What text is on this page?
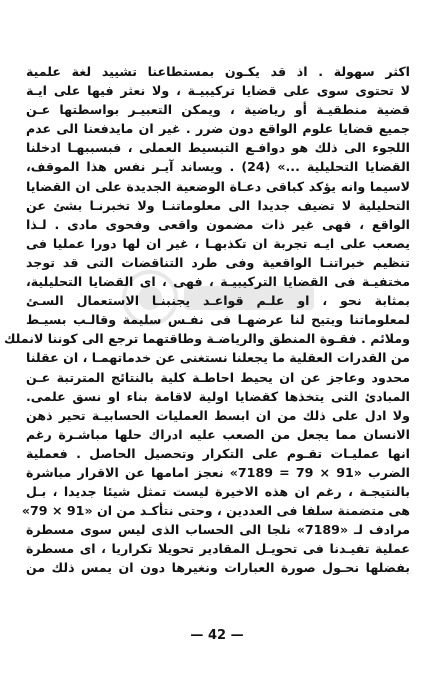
اكثر سهولة . اذ قد يكـون بمستطاعنا تشييد لغة علمية
لا تحتوى سوى على قضايا تركيبيـة ، ولا نعثر فيها على ايـة
قضية منطقيـة أو رياضية ، ويمكن التعبيـر بواسطتها عـن
جميع قضايا علوم الواقع دون ضرر . غير ان مايدفعنا الى عدم
اللجوء الى ذلك هو دوافـع التبسيط العملى ، فبسببهـا ادخلنا
القضايا التحليلية ...» (24) . ويساند آيـر نفس هذا الموقف،
لاسيما وانه يؤكد كباقى دعـاة الوضعية الجديدة على ان القضايا
التحليلية لا تضيف جديدا الى معلوماتنـا ولا تخبرنـا بشئ عن
الواقع ، فهى غير ذات مضمون واقعى وفحوى مادى . لـذا
يصعب على ايـه تجربة ان تكذبهـا ، غير ان لها دورا عمليا فى
تنظيم خبراتنـا الواقعية وفى طرد التناقضات التى قد توجد
مختفيـة فى القضايا التركيبيـة ، فهى ، اى القضايا التحليلية،
بمثابة نحو ، او علـم قواعـد يجنبنـا الاستعمال السـئ
لمعلوماتنا ويتيح لنا عرضهـا فى نفـس سليمة وقالـب بسيـط
وملائم . فقـوة المنطق والرياضـة وطاقتهما ترجع الى كوننا لانملك
من القدرات العقلية ما يجعلنا نستغنى عن خدماتهمـا ، ان عقلنا
محدود وعاجز عن ان يحيط احاطـة كلية بالنتائج المترتبة عـن
المبادئ التى يتخذها كقضايا اولية لاقامة بناء او نسق علمى.
ولا ادل على ذلك من ان ابسط العمليات الحسابيـة تحير ذهن
الانسان مما يجعل من الصعب عليه ادراك حلها مباشـرة رغم
انها عمليـات تقـوم على التكرار وتحصيل الحاصل . فعملية
الضرب «91 × 79 = 7189» نعجز امامها عن الاقرار مباشرة
بالنتيجـة ، رغم ان هذه الاخيرة ليست تمثل شيئا جديدا ، بـل
هى متضمنة سلفا فى العددين ، وحتى نتأكـد من ان «91 × 79»
مرادف لـ «7189» نلجا الى الحساب الذى ليس سوى مسطرة
عملية تفيـدنا فى تحويـل المقادير تحويلا تكراريا ، اى مسطرة
بفضلها نحـول صورة العبارات ونغيرها دون ان يمس ذلك من
— 42 —
